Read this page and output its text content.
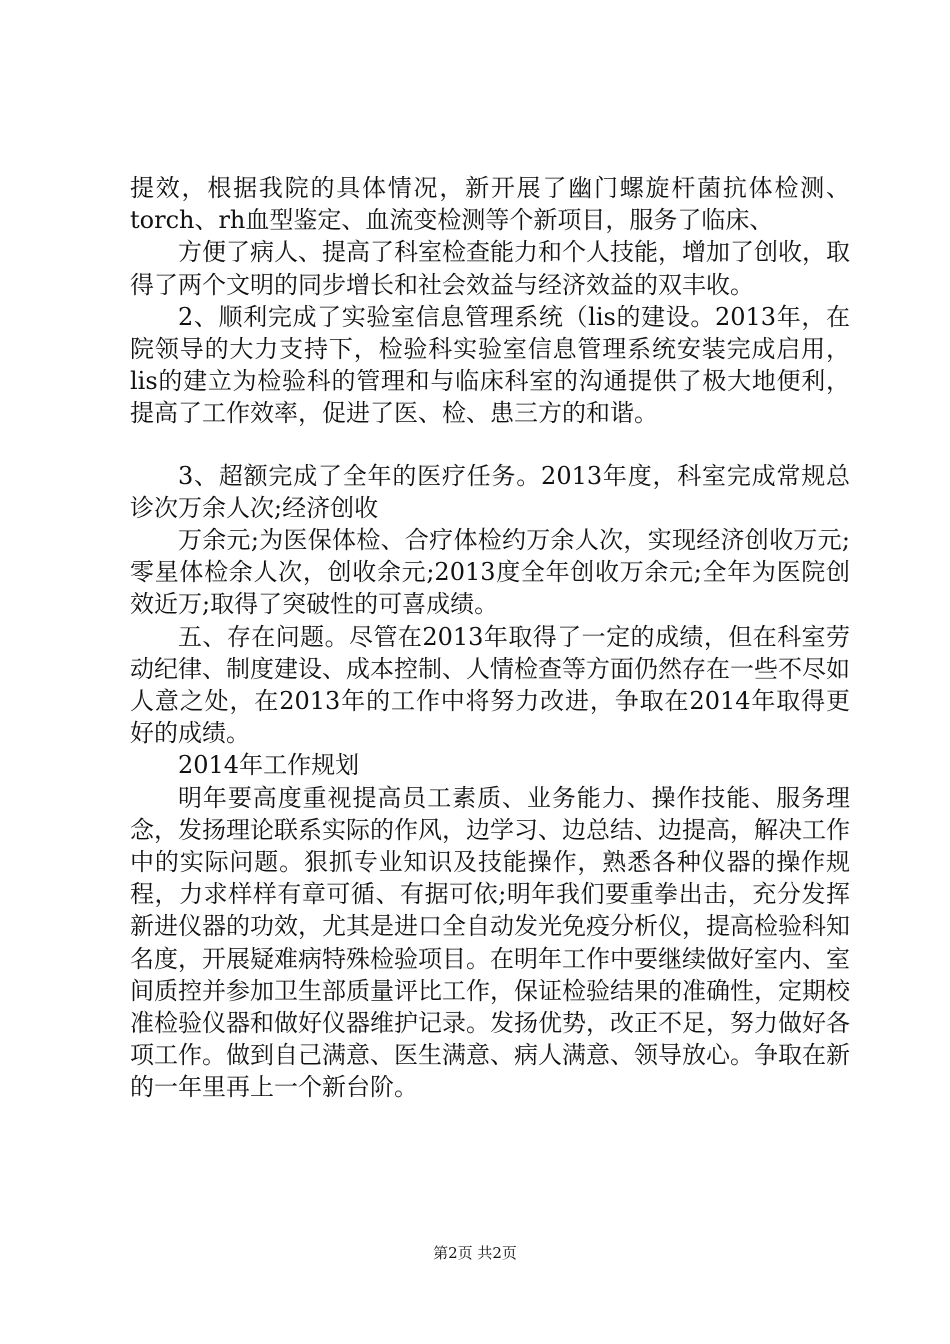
提效，根据我院的具体情况，新开展了幽门螺旋杆菌抗体检测、torch、rh血型鉴定、血流变检测等个新项目，服务了临床、

方便了病人、提高了科室检查能力和个人技能，增加了创收，取得了两个文明的同步增长和社会效益与经济效益的双丰收。

2、顺利完成了实验室信息管理系统（lis的建设。2013年，在院领导的大力支持下，检验科实验室信息管理系统安装完成启用，lis的建立为检验科的管理和与临床科室的沟通提供了极大地便利，提高了工作效率，促进了医、检、患三方的和谐。

3、超额完成了全年的医疗任务。2013年度，科室完成常规总诊次万余人次;经济创收

万余元;为医保体检、合疗体检约万余人次，实现经济创收万元;零星体检余人次，创收余元;2013度全年创收万余元;全年为医院创效近万;取得了突破性的可喜成绩。

五、存在问题。尽管在2013年取得了一定的成绩，但在科室劳动纪律、制度建设、成本控制、人情检查等方面仍然存在一些不尽如人意之处，在2013年的工作中将努力改进，争取在2014年取得更好的成绩。

2014年工作规划

明年要高度重视提高员工素质、业务能力、操作技能、服务理念，发扬理论联系实际的作风，边学习、边总结、边提高，解决工作中的实际问题。狠抓专业知识及技能操作，熟悉各种仪器的操作规程，力求样样有章可循、有据可依;明年我们要重拳出击，充分发挥新进仪器的功效，尤其是进口全自动发光免疫分析仪，提高检验科知名度，开展疑难病特殊检验项目。在明年工作中要继续做好室内、室间质控并参加卫生部质量评比工作，保证检验结果的准确性，定期校准检验仪器和做好仪器维护记录。发扬优势，改正不足，努力做好各项工作。做到自己满意、医生满意、病人满意、领导放心。争取在新的一年里再上一个新台阶。

第2页 共2页
